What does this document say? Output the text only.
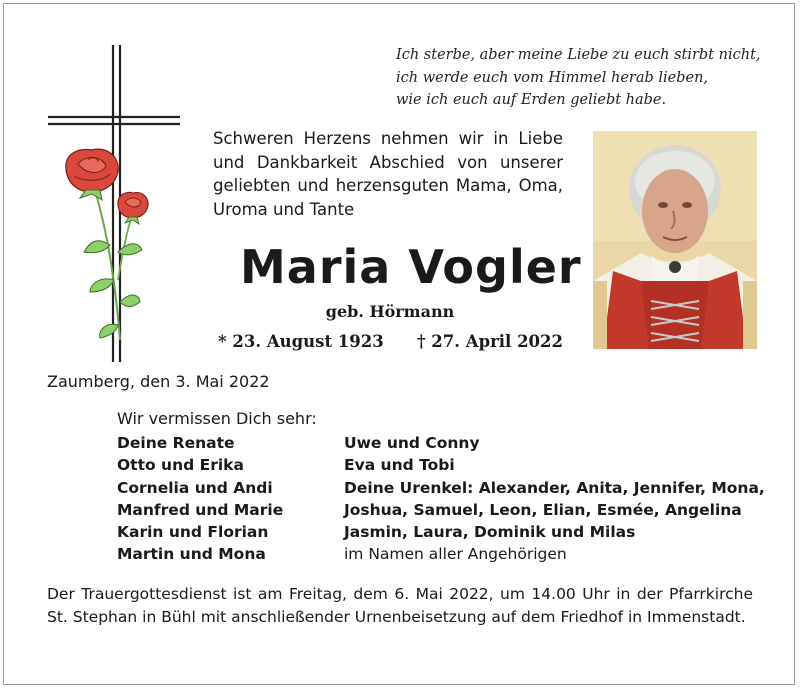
Ich sterbe, aber meine Liebe zu euch stirbt nicht,
ich werde euch vom Himmel herab lieben,
wie ich euch auf Erden geliebt habe.
Schweren Herzens nehmen wir in Liebe und Dankbarkeit Abschied von unserer geliebten und herzensguten Mama, Oma, Uroma und Tante
Maria Vogler
geb. Hörmann
* 23. August 1923 † 27. April 2022
Zaumberg, den 3. Mai 2022
Wir vermissen Dich sehr:
Deine Renate	Uwe und Conny
Otto und Erika	Eva und Tobi
Cornelia und Andi	Deine Urenkel: Alexander, Anita, Jennifer, Mona,
Manfred und Marie	Joshua, Samuel, Leon, Elian, Esmée, Angelina
Karin und Florian	Jasmin, Laura, Dominik und Milas
Martin und Mona	im Namen aller Angehörigen
Der Trauergottesdienst ist am Freitag, dem 6. Mai 2022, um 14.00 Uhr in der Pfarrkirche St. Stephan in Bühl mit anschließender Urnenbeisetzung auf dem Friedhof in Immenstadt.
